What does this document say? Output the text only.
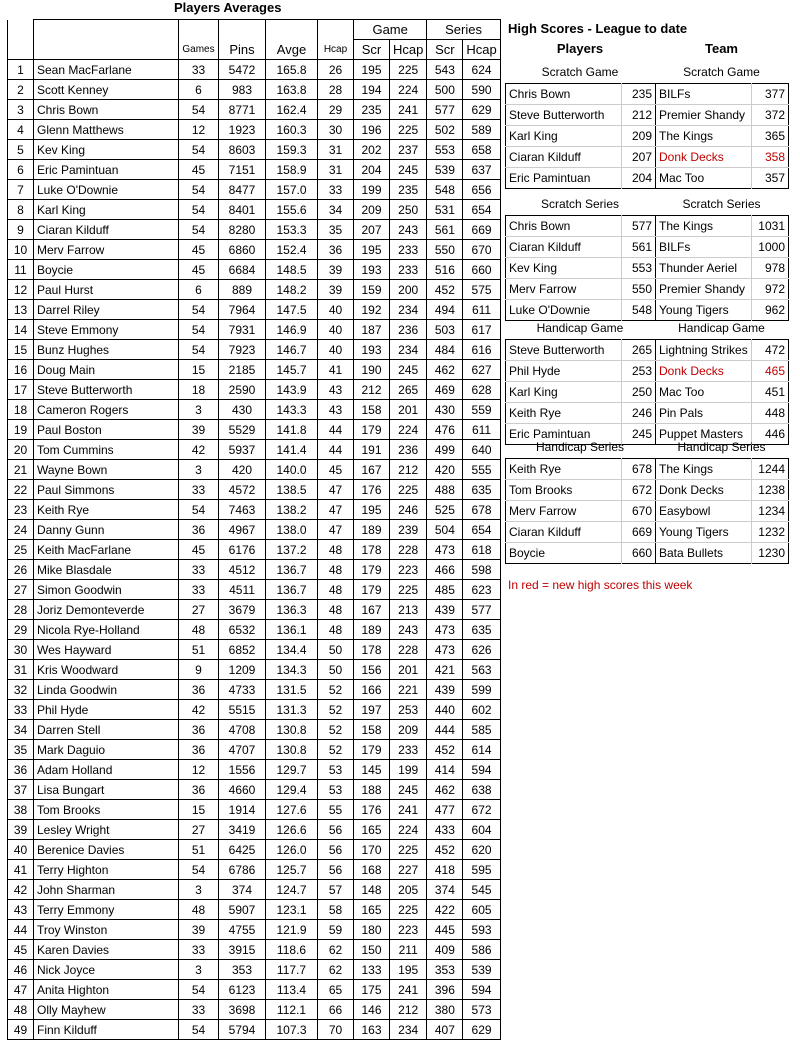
Players Averages
						Game		Series	
		Games	Pins	Avge	Hcap	Scr	Hcap	Scr	Hcap
1	Sean MacFarlane	33	5472	165.8	26	195	225	543	624
2	Scott Kenney	6	983	163.8	28	194	224	500	590
3	Chris Bown	54	8771	162.4	29	235	241	577	629
4	Glenn Matthews	12	1923	160.3	30	196	225	502	589
5	Kev King	54	8603	159.3	31	202	237	553	658
6	Eric Pamintuan	45	7151	158.9	31	204	245	539	637
7	Luke O'Downie	54	8477	157.0	33	199	235	548	656
8	Karl King	54	8401	155.6	34	209	250	531	654
9	Ciaran Kilduff	54	8280	153.3	35	207	243	561	669
10	Merv Farrow	45	6860	152.4	36	195	233	550	670
11	Boycie	45	6684	148.5	39	193	233	516	660
12	Paul Hurst	6	889	148.2	39	159	200	452	575
13	Darrel Riley	54	7964	147.5	40	192	234	494	611
14	Steve Emmony	54	7931	146.9	40	187	236	503	617
15	Bunz Hughes	54	7923	146.7	40	193	234	484	616
16	Doug Main	15	2185	145.7	41	190	245	462	627
17	Steve Butterworth	18	2590	143.9	43	212	265	469	628
18	Cameron Rogers	3	430	143.3	43	158	201	430	559
19	Paul Boston	39	5529	141.8	44	179	224	476	611
20	Tom Cummins	42	5937	141.4	44	191	236	499	640
21	Wayne Bown	3	420	140.0	45	167	212	420	555
22	Paul Simmons	33	4572	138.5	47	176	225	488	635
23	Keith Rye	54	7463	138.2	47	195	246	525	678
24	Danny Gunn	36	4967	138.0	47	189	239	504	654
25	Keith MacFarlane	45	6176	137.2	48	178	228	473	618
26	Mike Blasdale	33	4512	136.7	48	179	223	466	598
27	Simon Goodwin	33	4511	136.7	48	179	225	485	623
28	Joriz Demonteverde	27	3679	136.3	48	167	213	439	577
29	Nicola Rye-Holland	48	6532	136.1	48	189	243	473	635
30	Wes Hayward	51	6852	134.4	50	178	228	473	626
31	Kris Woodward	9	1209	134.3	50	156	201	421	563
32	Linda Goodwin	36	4733	131.5	52	166	221	439	599
33	Phil Hyde	42	5515	131.3	52	197	253	440	602
34	Darren Stell	36	4708	130.8	52	158	209	444	585
35	Mark Daguio	36	4707	130.8	52	179	233	452	614
36	Adam Holland	12	1556	129.7	53	145	199	414	594
37	Lisa Bungart	36	4660	129.4	53	188	245	462	638
38	Tom Brooks	15	1914	127.6	55	176	241	477	672
39	Lesley Wright	27	3419	126.6	56	165	224	433	604
40	Berenice Davies	51	6425	126.0	56	170	225	452	620
41	Terry Highton	54	6786	125.7	56	168	227	418	595
42	John Sharman	3	374	124.7	57	148	205	374	545
43	Terry Emmony	48	5907	123.1	58	165	225	422	605
44	Troy Winston	39	4755	121.9	59	180	223	445	593
45	Karen Davies	33	3915	118.6	62	150	211	409	586
46	Nick Joyce	3	353	117.7	62	133	195	353	539
47	Anita Highton	54	6123	113.4	65	175	241	396	594
48	Olly Mayhew	33	3698	112.1	66	146	212	380	573
49	Finn Kilduff	54	5794	107.3	70	163	234	407	629
High Scores - League to date
Players	Team
Scratch Game	Scratch Game
Chris Bown	235	BILFs	377
Steve Butterworth	212	Premier Shandy	372
Karl King	209	The Kings	365
Ciaran Kilduff	207	Donk Decks	358
Eric Pamintuan	204	Mac Too	357
Scratch Series	Scratch Series
Chris Bown	577	The Kings	1031
Ciaran Kilduff	561	BILFs	1000
Kev King	553	Thunder Aeriel	978
Merv Farrow	550	Premier Shandy	972
Luke O'Downie	548	Young Tigers	962
Handicap Game	Handicap Game
Steve Butterworth	265	Lightning Strikes	472
Phil Hyde	253	Donk Decks	465
Karl King	250	Mac Too	451
Keith Rye	246	Pin Pals	448
Eric Pamintuan	245	Puppet Masters	446
Handicap Series	Handicap Series
Keith Rye	678	The Kings	1244
Tom Brooks	672	Donk Decks	1238
Merv Farrow	670	Easybowl	1234
Ciaran Kilduff	669	Young Tigers	1232
Boycie	660	Bata Bullets	1230
In red = new high scores this week
